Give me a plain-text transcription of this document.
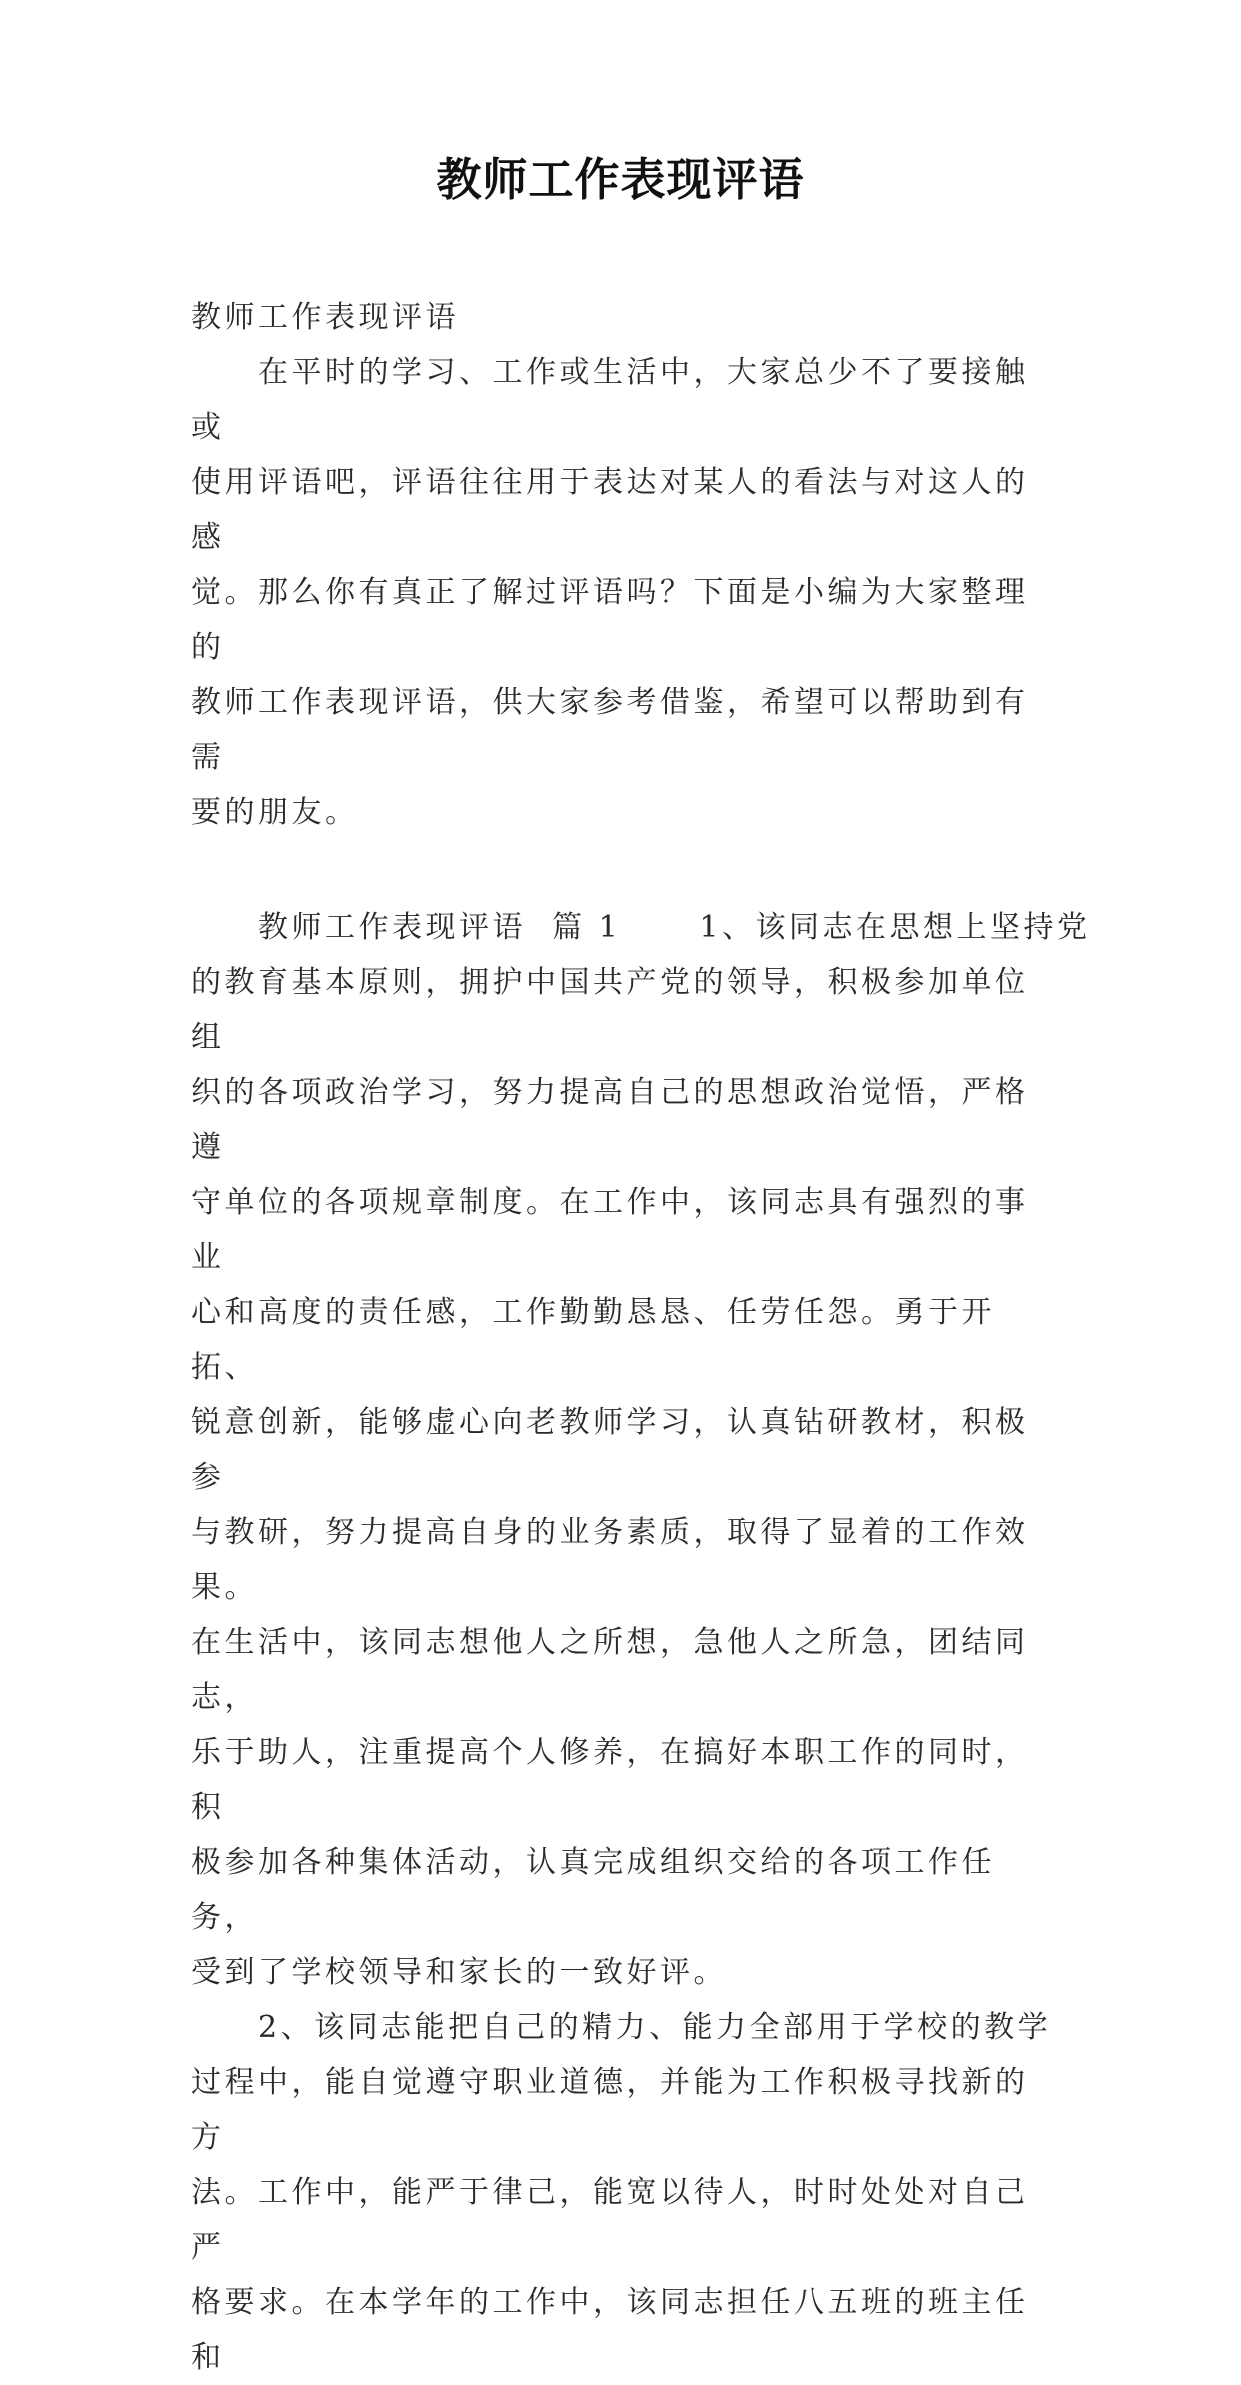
教师工作表现评语

教师工作表现评语

在平时的学习、工作或生活中，大家总少不了要接触或

使用评语吧，评语往往用于表达对某人的看法与对这人的感

觉。那么你有真正了解过评语吗？下面是小编为大家整理的

教师工作表现评语，供大家参考借鉴，希望可以帮助到有需

要的朋友。

教师工作表现评语  篇 1      1、该同志在思想上坚持党

的教育基本原则，拥护中国共产党的领导，积极参加单位组

织的各项政治学习，努力提高自己的思想政治觉悟，严格遵

守单位的各项规章制度。在工作中，该同志具有强烈的事业

心和高度的责任感，工作勤勤恳恳、任劳任怨。勇于开拓、

锐意创新，能够虚心向老教师学习，认真钻研教材，积极参

与教研，努力提高自身的业务素质，取得了显着的工作效果。

在生活中，该同志想他人之所想，急他人之所急，团结同志，

乐于助人，注重提高个人修养，在搞好本职工作的同时，积

极参加各种集体活动，认真完成组织交给的各项工作任务，

受到了学校领导和家长的一致好评。

2、该同志能把自己的精力、能力全部用于学校的教学

过程中，能自觉遵守职业道德，并能为工作积极寻找新的方

法。工作中，能严于律己，能宽以待人，时时处处对自己严

格要求。在本学年的工作中，该同志担任八五班的班主任和
